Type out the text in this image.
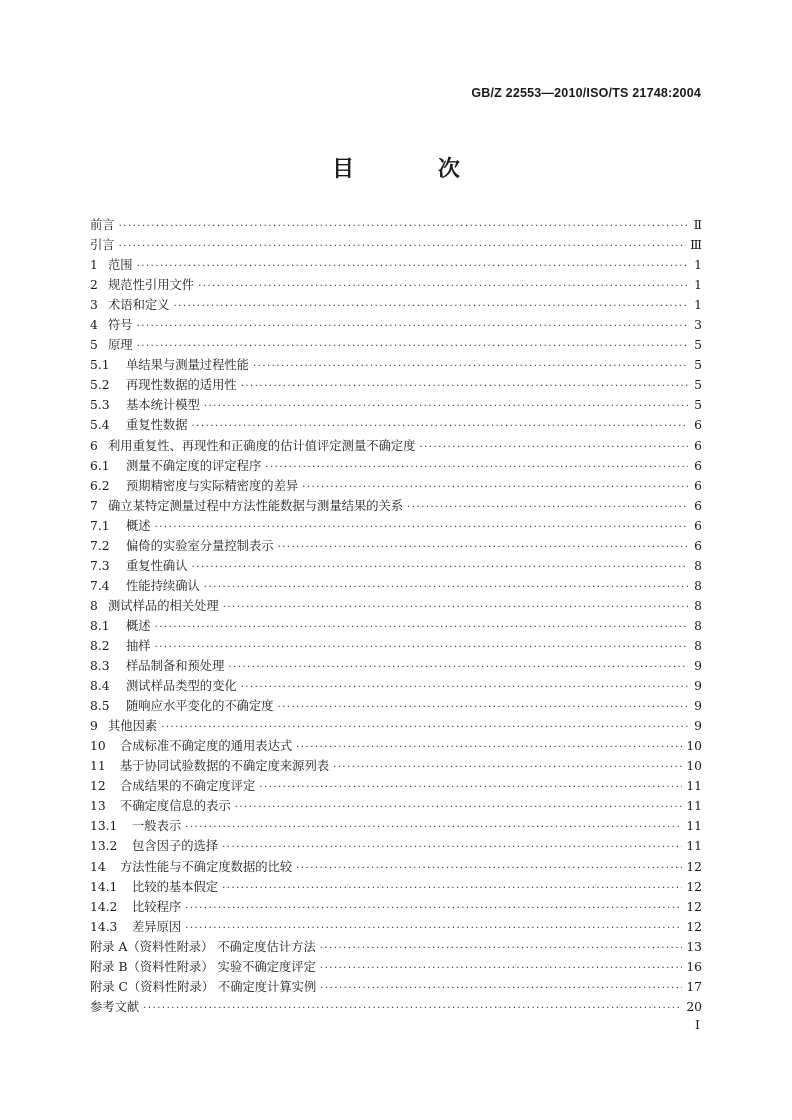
GB/Z 22553—2010/ISO/TS 21748:2004
目 次
前言 ·····	Ⅱ
引言 ·····	Ⅲ
1 范围 ·····	1
2 规范性引用文件 ·····	1
3 术语和定义 ·····	1
4 符号 ·····	3
5 原理 ·····	5
5.1	单结果与测量过程性能 ·····	5
5.2	再现性数据的适用性 ·····	5
5.3	基本统计模型 ·····	5
5.4	重复性数据 ·····	6
6 利用重复性、再现性和正确度的估计值评定测量不确定度 ·····	6
6.1	测量不确定度的评定程序 ·····	6
6.2	预期精密度与实际精密度的差异 ·····	6
7 确立某特定测量过程中方法性能数据与测量结果的关系 ·····	6
7.1	概述 ·····	6
7.2	偏倚的实验室分量控制表示 ·····	6
7.3	重复性确认 ·····	8
7.4	性能持续确认 ·····	8
8 测试样品的相关处理 ·····	8
8.1	概述 ·····	8
8.2	抽样 ·····	8
8.3	样品制备和预处理 ·····	9
8.4	测试样品类型的变化 ·····	9
8.5	随响应水平变化的不确定度 ·····	9
9 其他因素 ·····	9
10	合成标准不确定度的通用表达式 ·····	10
11	基于协同试验数据的不确定度来源列表 ·····	10
12	合成结果的不确定度评定 ·····	11
13	不确定度信息的表示 ·····	11
13.1	一般表示 ·····	11
13.2	包含因子的选择 ·····	11
14	方法性能与不确定度数据的比较 ·····	12
14.1	比较的基本假定 ·····	12
14.2	比较程序 ·····	12
14.3	差异原因 ·····	12
附录 A（资料性附录） 不确定度估计方法 ·····	13
附录 B（资料性附录） 实验不确定度评定 ·····	16
附录 C（资料性附录） 不确定度计算实例 ·····	17
参考文献 ·····	20
I
